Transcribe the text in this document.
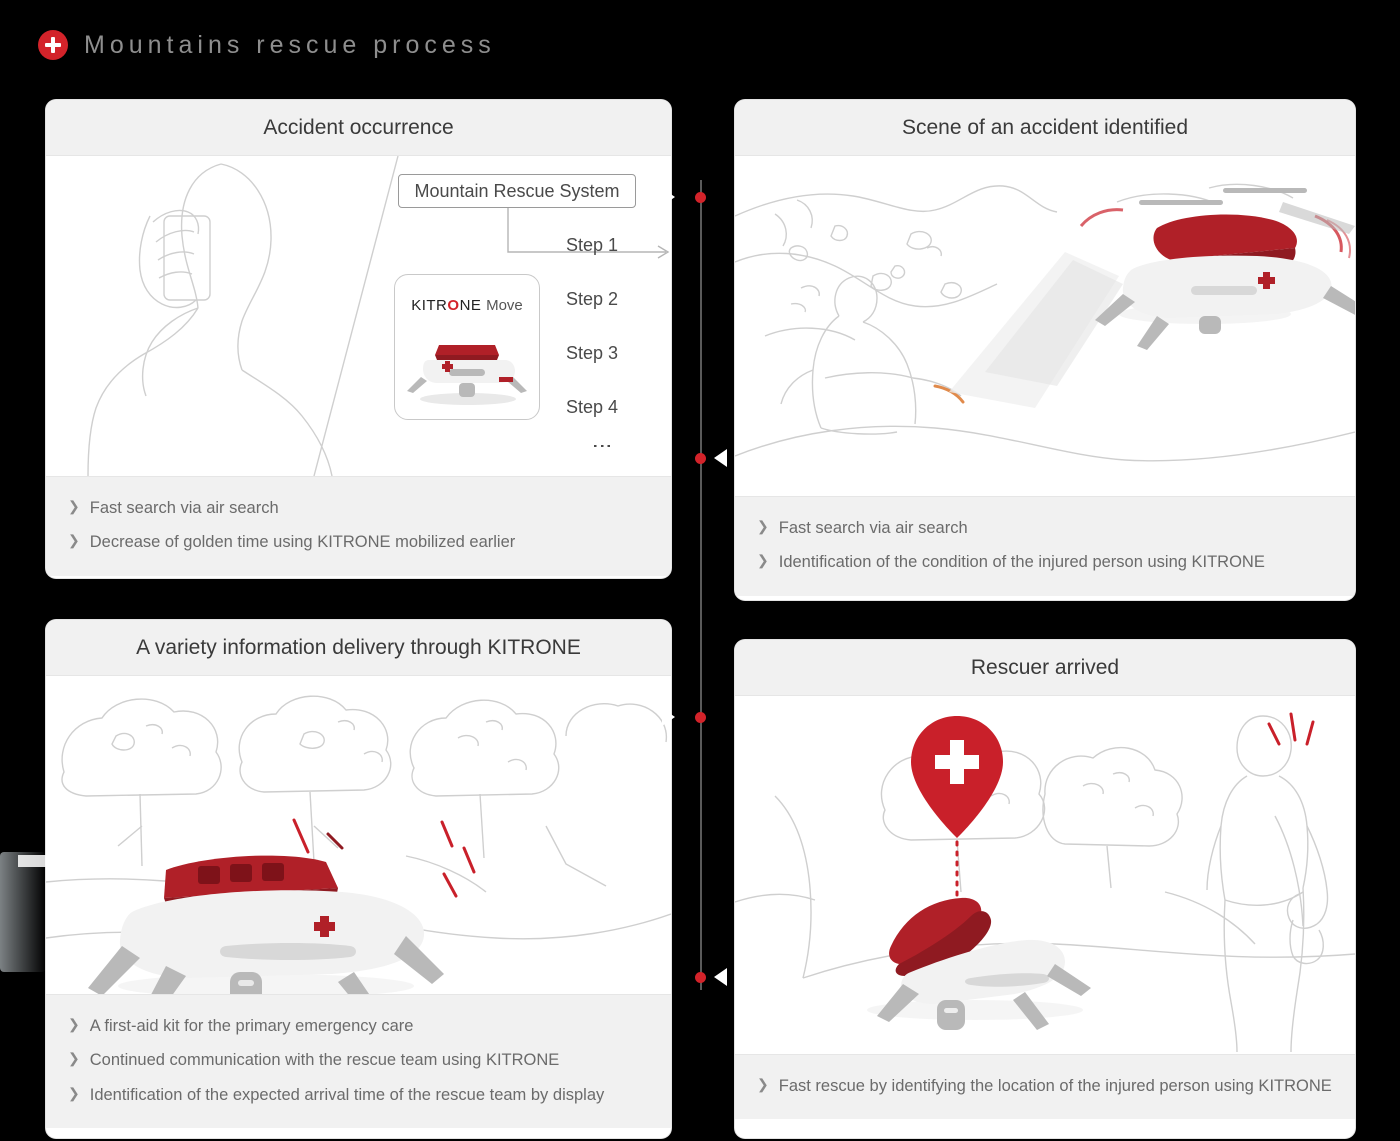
Mountains rescue process
Accident occurrence
Mountain Rescue System
Step 1
Step 2
Step 3
Step 4
⋮
KITRONE Move
❯ Fast search via air search
❯ Decrease of golden time using KITRONE mobilized earlier
Scene of an accident identified
❯ Fast search via air search
❯ Identification of the condition of the injured person using KITRONE
A variety information delivery through KITRONE
❯ A first-aid kit for the primary emergency care
❯ Continued communication with the rescue team using KITRONE
❯ Identification of the expected arrival time of the rescue team by display
Rescuer arrived
❯ Fast rescue by identifying the location of the injured person using KITRONE
